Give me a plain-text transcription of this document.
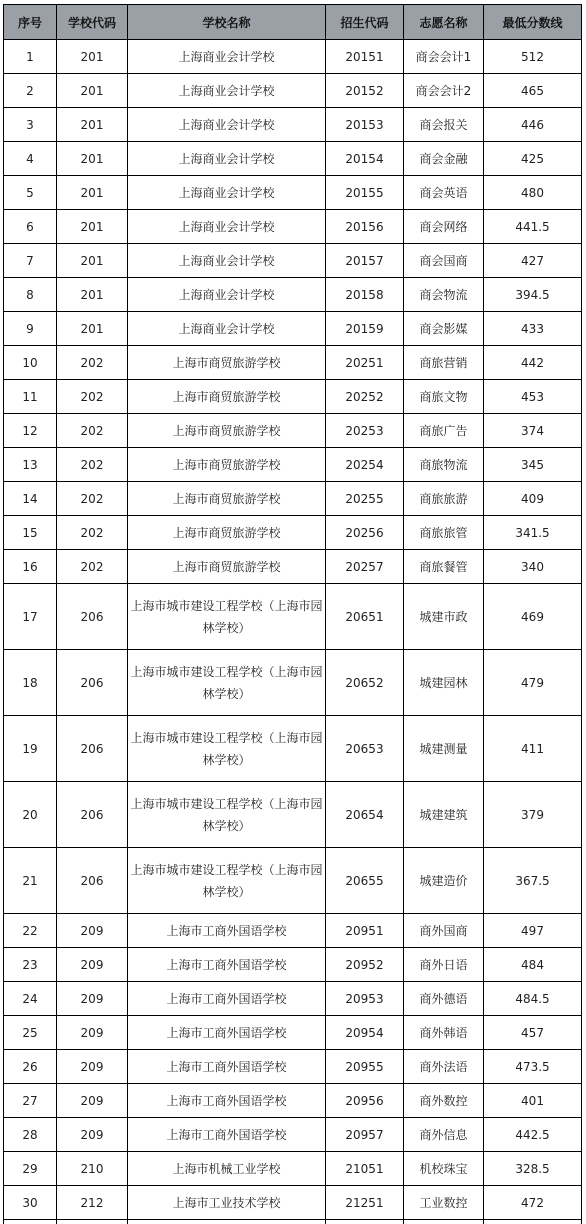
序号	学校代码	学校名称	招生代码	志愿名称	最低分数线
1	201	上海商业会计学校	20151	商会会计1	512
2	201	上海商业会计学校	20152	商会会计2	465
3	201	上海商业会计学校	20153	商会报关	446
4	201	上海商业会计学校	20154	商会金融	425
5	201	上海商业会计学校	20155	商会英语	480
6	201	上海商业会计学校	20156	商会网络	441.5
7	201	上海商业会计学校	20157	商会国商	427
8	201	上海商业会计学校	20158	商会物流	394.5
9	201	上海商业会计学校	20159	商会影媒	433
10	202	上海市商贸旅游学校	20251	商旅营销	442
11	202	上海市商贸旅游学校	20252	商旅文物	453
12	202	上海市商贸旅游学校	20253	商旅广告	374
13	202	上海市商贸旅游学校	20254	商旅物流	345
14	202	上海市商贸旅游学校	20255	商旅旅游	409
15	202	上海市商贸旅游学校	20256	商旅旅管	341.5
16	202	上海市商贸旅游学校	20257	商旅餐管	340
17	206	上海市城市建设工程学校（上海市园林学校）	20651	城建市政	469
18	206	上海市城市建设工程学校（上海市园林学校）	20652	城建园林	479
19	206	上海市城市建设工程学校（上海市园林学校）	20653	城建测量	411
20	206	上海市城市建设工程学校（上海市园林学校）	20654	城建建筑	379
21	206	上海市城市建设工程学校（上海市园林学校）	20655	城建造价	367.5
22	209	上海市工商外国语学校	20951	商外国商	497
23	209	上海市工商外国语学校	20952	商外日语	484
24	209	上海市工商外国语学校	20953	商外德语	484.5
25	209	上海市工商外国语学校	20954	商外韩语	457
26	209	上海市工商外国语学校	20955	商外法语	473.5
27	209	上海市工商外国语学校	20956	商外数控	401
28	209	上海市工商外国语学校	20957	商外信息	442.5
29	210	上海市机械工业学校	21051	机校珠宝	328.5
30	212	上海市工业技术学校	21251	工业数控	472
